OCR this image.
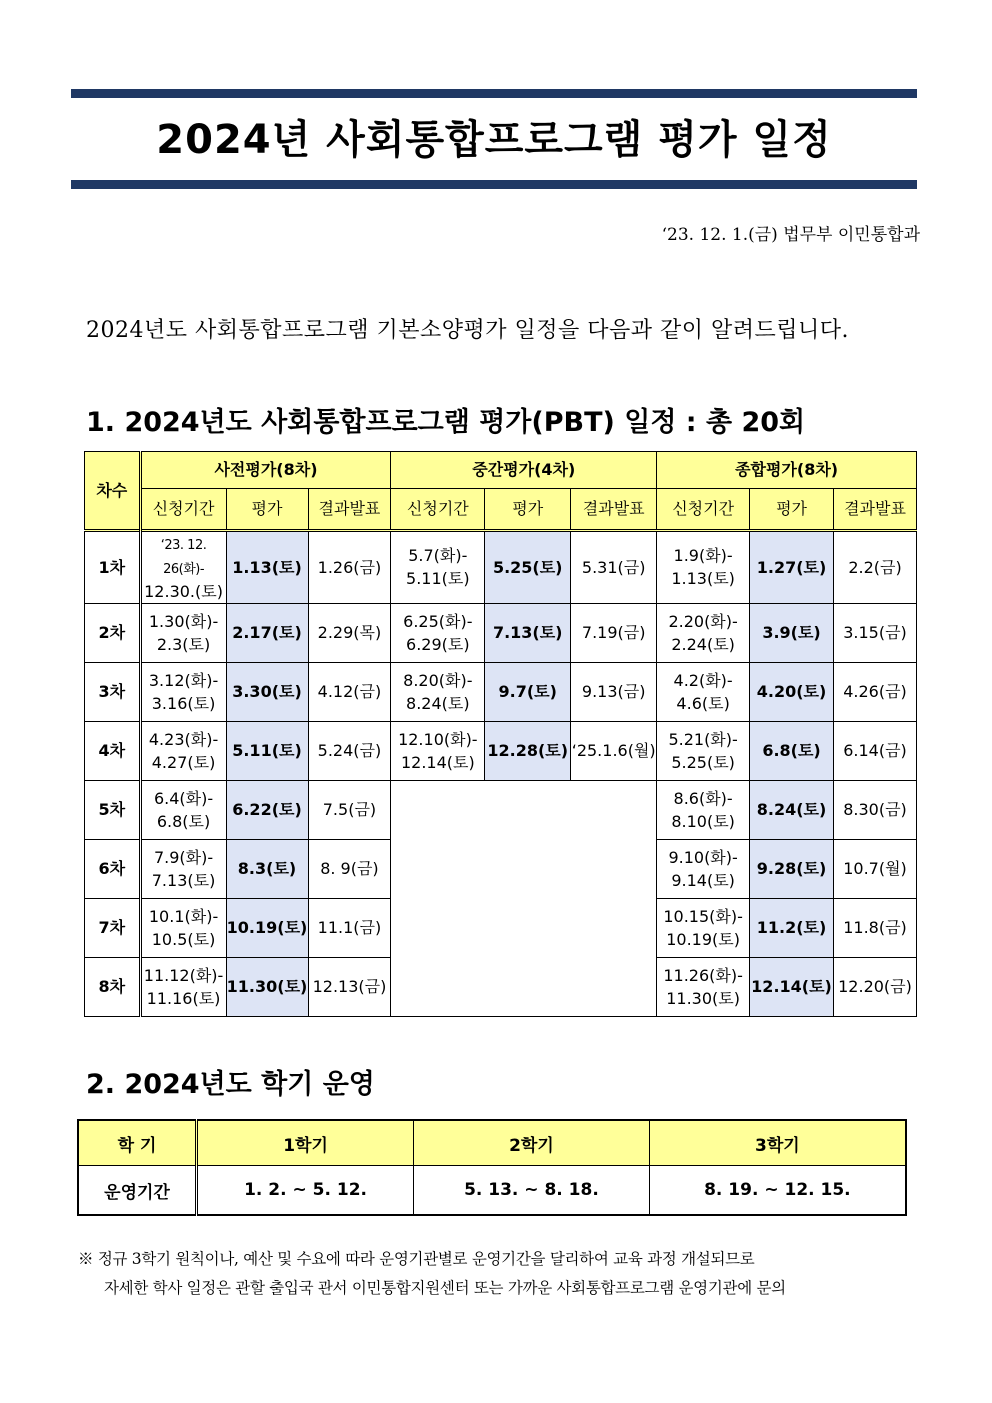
2024년 사회통합프로그램 평가 일정
‘23. 12. 1.(금) 법무부 이민통합과
2024년도 사회통합프로그램 기본소양평가 일정을 다음과 같이 알려드립니다.
1. 2024년도 사회통합프로그램 평가(PBT) 일정 : 총 20회
차수	사전평가(8차)			중간평가(4차)			종합평가(8차)		
	신청기간	평가	결과발표	신청기간	평가	결과발표	신청기간	평가	결과발표
1차	‘23. 12. 26(화)-
12.30.(토)	1.13(토)	1.26(금)	5.7(화)-
5.11(토)	5.25(토)	5.31(금)	1.9(화)-
1.13(토)	1.27(토)	2.2(금)
2차	1.30(화)-
2.3(토)	2.17(토)	2.29(목)	6.25(화)-
6.29(토)	7.13(토)	7.19(금)	2.20(화)-
2.24(토)	3.9(토)	3.15(금)
3차	3.12(화)-
3.16(토)	3.30(토)	4.12(금)	8.20(화)-
8.24(토)	9.7(토)	9.13(금)	4.2(화)-
4.6(토)	4.20(토)	4.26(금)
4차	4.23(화)-
4.27(토)	5.11(토)	5.24(금)	12.10(화)-
12.14(토)	12.28(토)	‘25.1.6(월)	5.21(화)-
5.25(토)	6.8(토)	6.14(금)
5차	6.4(화)-
6.8(토)	6.22(토)	7.5(금)				8.6(화)-
8.10(토)	8.24(토)	8.30(금)
6차	7.9(화)-
7.13(토)	8.3(토)	8. 9(금)				9.10(화)-
9.14(토)	9.28(토)	10.7(월)
7차	10.1(화)-
10.5(토)	10.19(토)	11.1(금)				10.15(화)-
10.19(토)	11.2(토)	11.8(금)
8차	11.12(화)-
11.16(토)	11.30(토)	12.13(금)				11.26(화)-
11.30(토)	12.14(토)	12.20(금)
2. 2024년도 학기 운영
학 기	1학기	2학기	3학기
운영기간	1. 2. ~ 5. 12.	5. 13. ~ 8. 18.	8. 19. ~ 12. 15.
※ 정규 3학기 원칙이나, 예산 및 수요에 따라 운영기관별로 운영기간을 달리하여 교육 과정 개설되므로
자세한 학사 일정은 관할 출입국 관서 이민통합지원센터 또는 가까운 사회통합프로그램 운영기관에 문의
